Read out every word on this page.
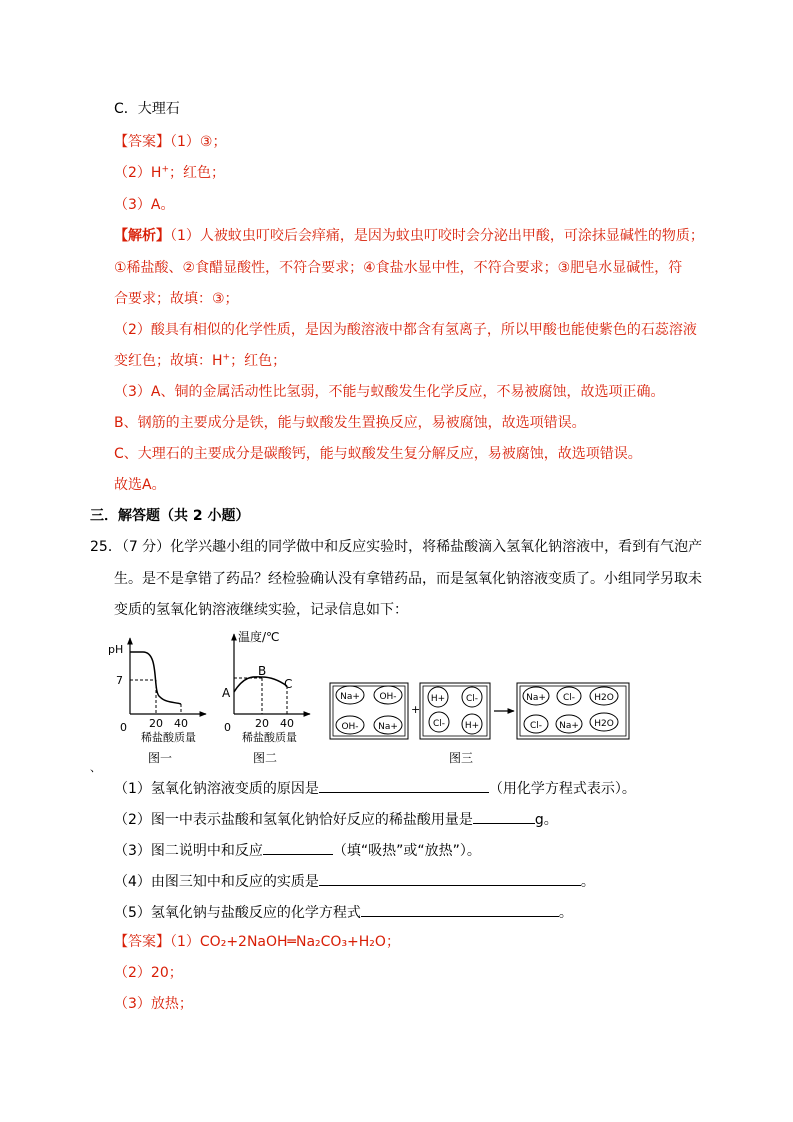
C．大理石
【答案】（1）③；
（2）H+；红色；
（3）A。
【解析】（1）人被蚊虫叮咬后会痒痛，是因为蚊虫叮咬时会分泌出甲酸，可涂抹显碱性的物质；
①稀盐酸、②食醋显酸性，不符合要求；④食盐水显中性，不符合要求；③肥皂水显碱性，符
合要求；故填：③；
（2）酸具有相似的化学性质，是因为酸溶液中都含有氢离子，所以甲酸也能使紫色的石蕊溶液
变红色；故填：H+；红色；
（3）A、铜的金属活动性比氢弱，不能与蚁酸发生化学反应，不易被腐蚀，故选项正确。
B、钢筋的主要成分是铁，能与蚁酸发生置换反应，易被腐蚀，故选项错误。
C、大理石的主要成分是碳酸钙，能与蚁酸发生复分解反应，易被腐蚀，故选项错误。
故选A。
三．解答题（共 2 小题）
25．（7 分）化学兴趣小组的同学做中和反应实验时，将稀盐酸滴入氢氧化钠溶液中，看到有气泡产
生。是不是拿错了药品？经检验确认没有拿错药品，而是氢氧化钠溶液变质了。小组同学另取未
变质的氢氧化钠溶液继续实验，记录信息如下：
pH
7
0 20 40
稀盐酸质量
图一
温度/℃
A
B
C
0 20 40
稀盐酸质量
图二
Na+ OH-
OH- Na+
+
H+ Cl-
Cl- H+
Na+ Cl- H2O
Cl- Na+ H2O
图三
、
（1）氢氧化钠溶液变质的原因是	（用化学方程式表示）。
（2）图一中表示盐酸和氢氧化钠恰好反应的稀盐酸用量是	g。
（3）图二说明中和反应	（填“吸热”或“放热”）。
（4）由图三知中和反应的实质是	。
（5）氢氧化钠与盐酸反应的化学方程式	。
【答案】（1）CO₂+2NaOH═Na₂CO₃+H₂O；
（2）20；
（3）放热；
